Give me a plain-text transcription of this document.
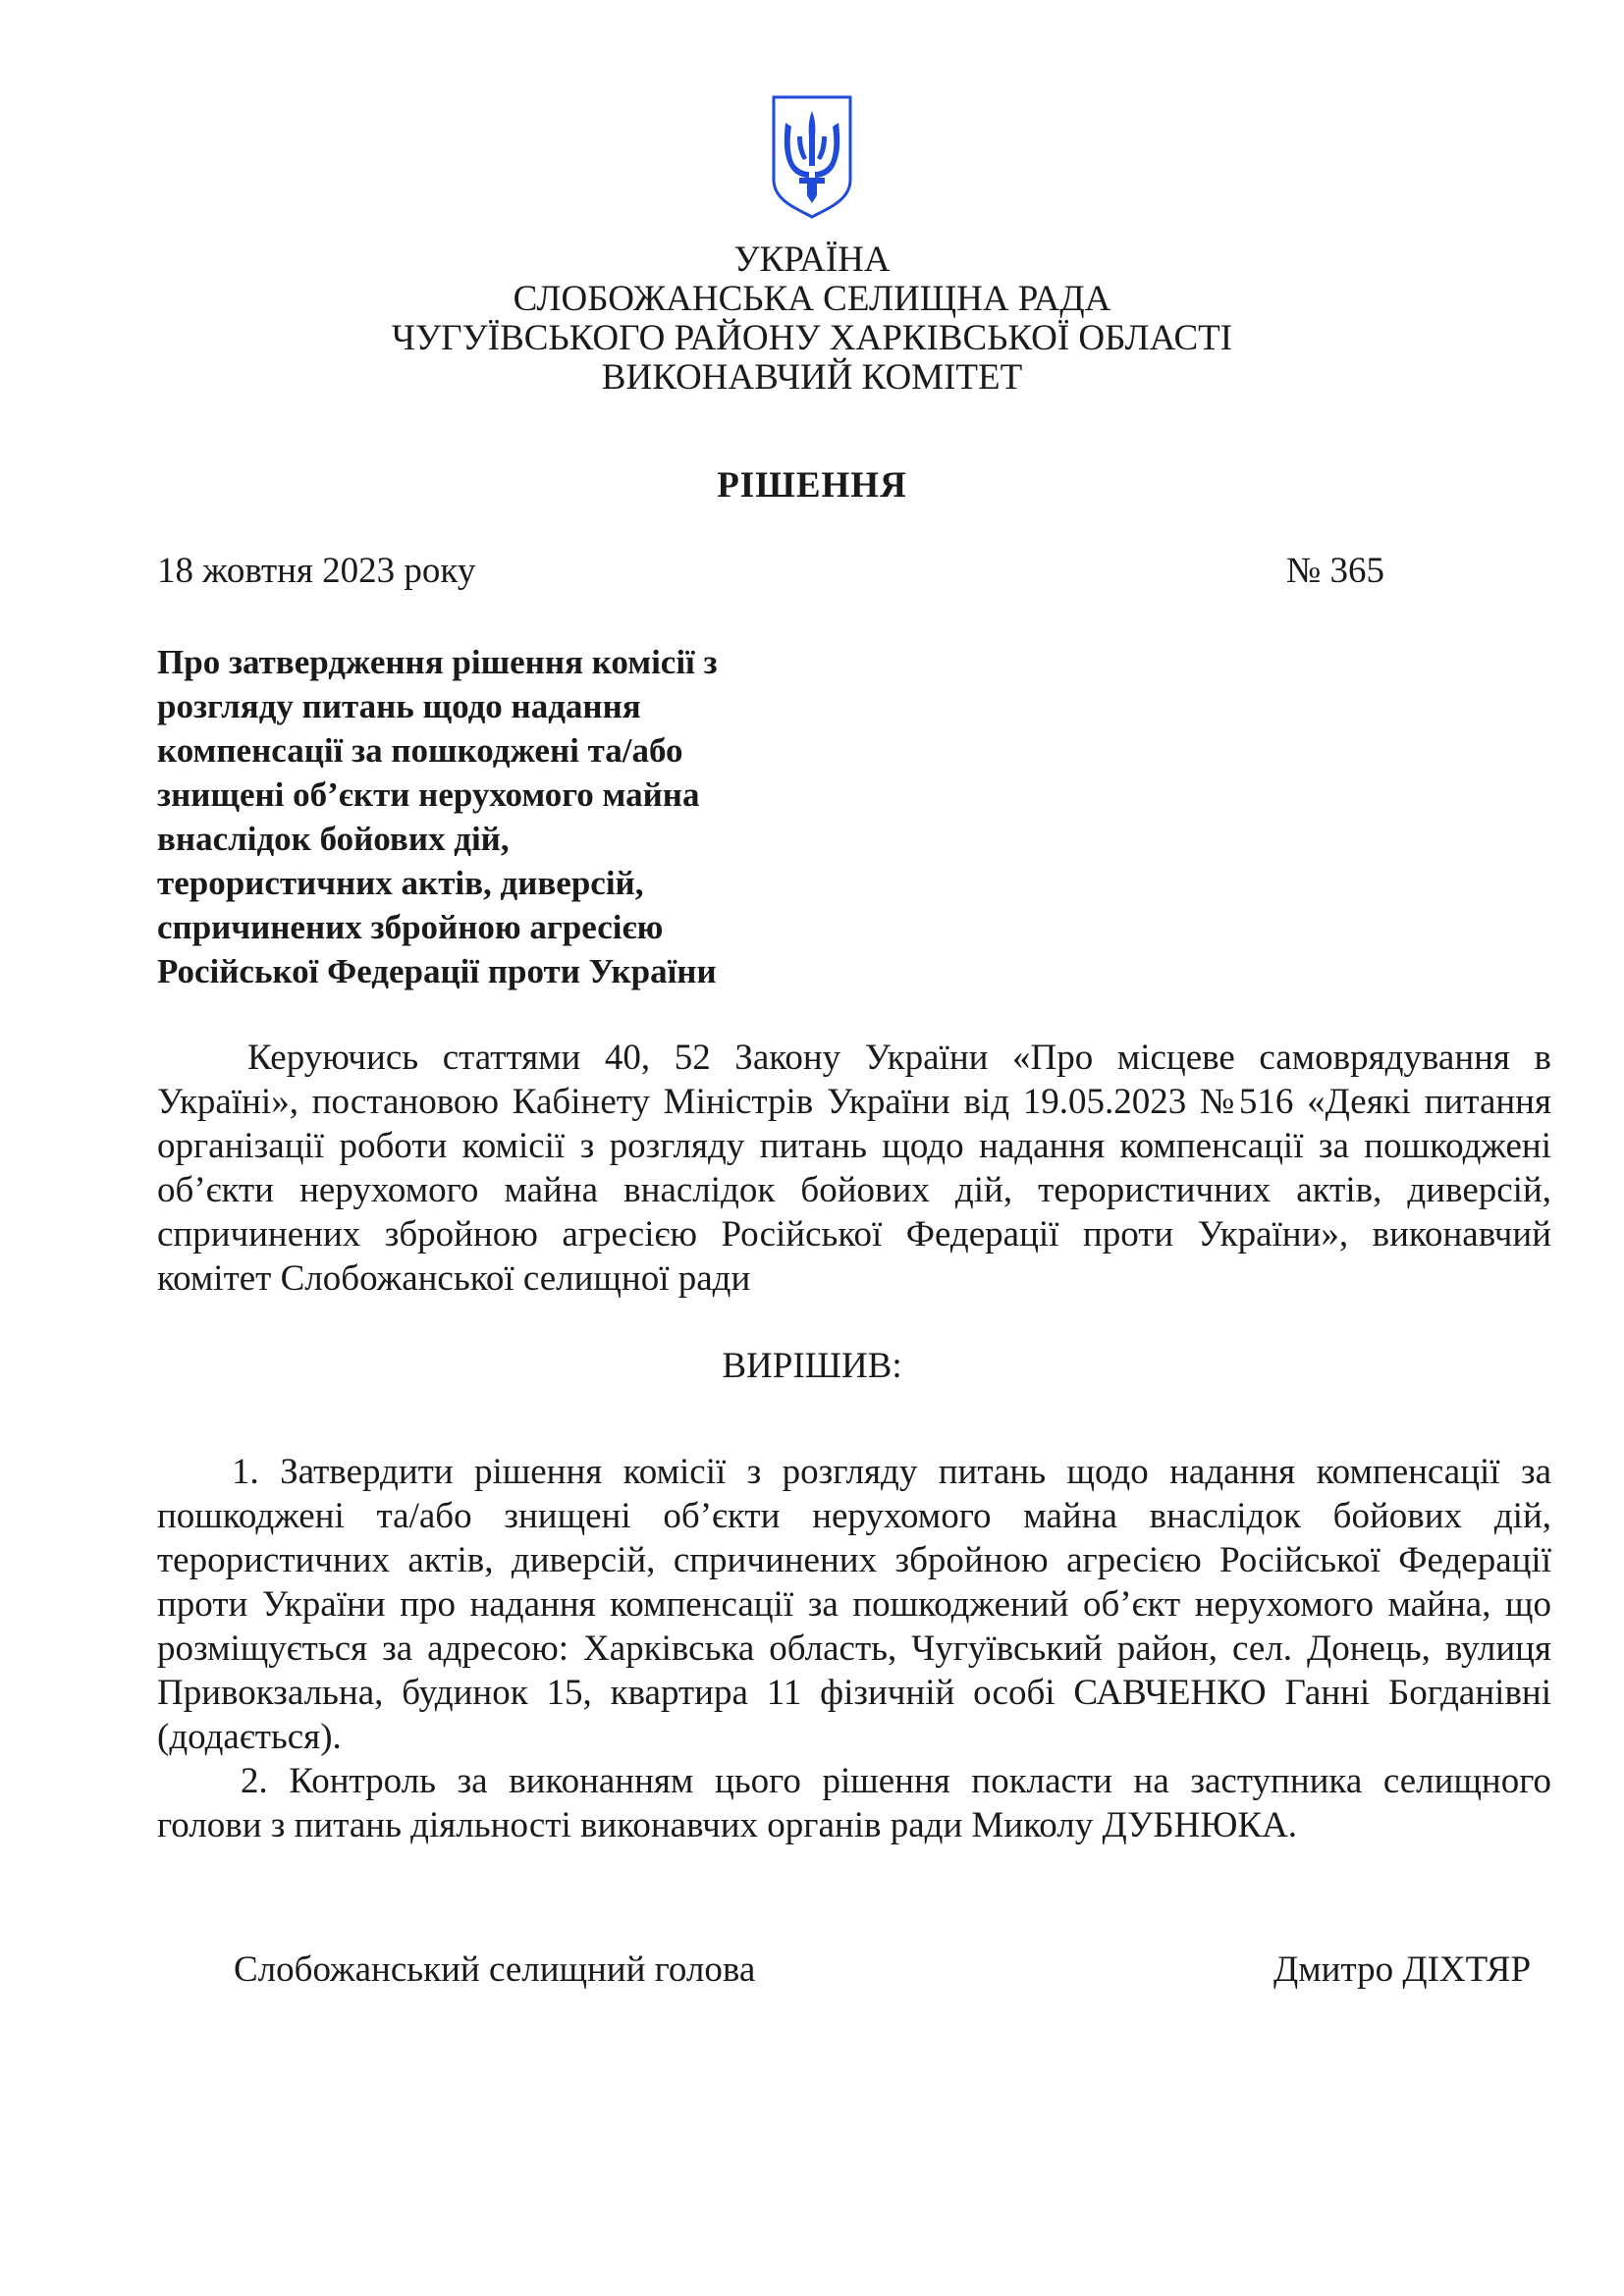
УКРАЇНА
СЛОБОЖАНСЬКА СЕЛИЩНА РАДА
ЧУГУЇВСЬКОГО РАЙОНУ ХАРКІВСЬКОЇ ОБЛАСТІ
ВИКОНАВЧИЙ КОМІТЕТ
РІШЕННЯ
18 жовтня 2023 року	№ 365
Про затвердження рішення комісії з
розгляду питань щодо надання
компенсації за пошкоджені та/або
знищені об’єкти нерухомого майна
внаслідок бойових дій,
терористичних актів, диверсій,
спричинених збройною агресією
Російської Федерації проти України
Керуючись статтями 40, 52 Закону України «Про місцеве самоврядування в Україні», постановою Кабінету Міністрів України від 19.05.2023 №516 «Деякі питання організації роботи комісії з розгляду питань щодо надання компенсації за пошкоджені об’єкти нерухомого майна внаслідок бойових дій, терористичних актів, диверсій, спричинених збройною агресією Російської Федерації проти України», виконавчий комітет Слобожанської селищної ради
ВИРІШИВ:
1. Затвердити рішення комісії з розгляду питань щодо надання компенсації за пошкоджені та/або знищені об’єкти нерухомого майна внаслідок бойових дій, терористичних актів, диверсій, спричинених збройною агресією Російської Федерації проти України про надання компенсації за пошкоджений об’єкт нерухомого майна, що розміщується за адресою: Харківська область, Чугуївський район, сел. Донець, вулиця Привокзальна, будинок 15, квартира 11 фізичній особі САВЧЕНКО Ганні Богданівні (додається).
2. Контроль за виконанням цього рішення покласти на заступника селищного голови з питань діяльності виконавчих органів ради Миколу ДУБНЮКА.
Слобожанський селищний голова	Дмитро ДІХТЯР
